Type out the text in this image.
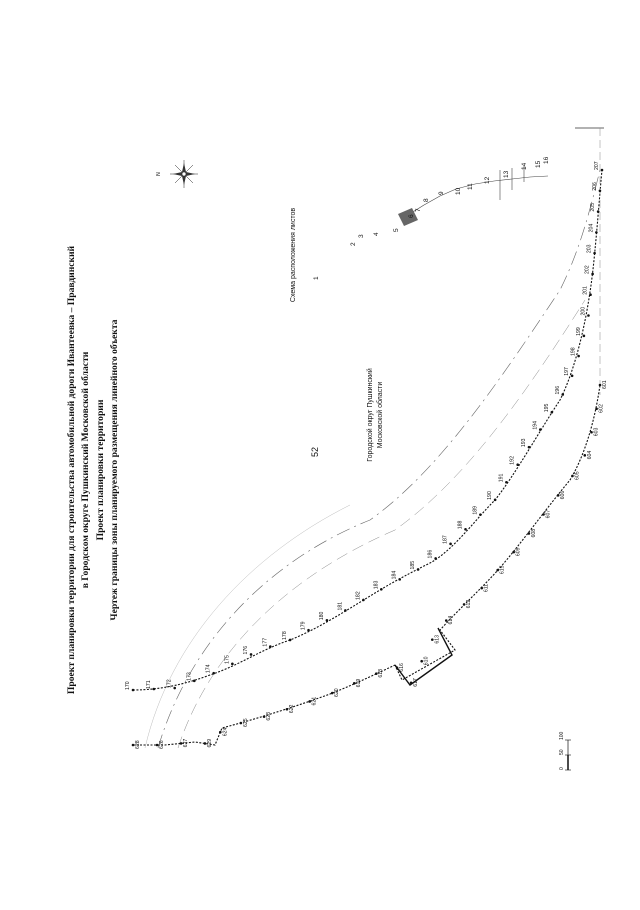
52
Проект планировки территории для строительства автомобильной дороги Ивантеевка – Правдинский в Городском округе Пушкинский Московской области Проект планировки территории Чертеж границы зоны планируемого размещения линейного объекта
N
Схема расположения листов 1
2
3
4
5
6
7
8
9 10
11
12
13
14 15
16
Городской округ Пушкинский Московской области
628	626	627	629
624
625
623
622
621
620
619
618
616
617
610
613
614
612
611
615
609
608
607
606
605
604
603
602
601
170	171	172
173
174
175
176
177
178
179
180
181
182
183
184
185
186
187
188
189
190
191
192
193
194
195
196
197
198
199
200
201
202
203
204
205
206
207
0
50
100
